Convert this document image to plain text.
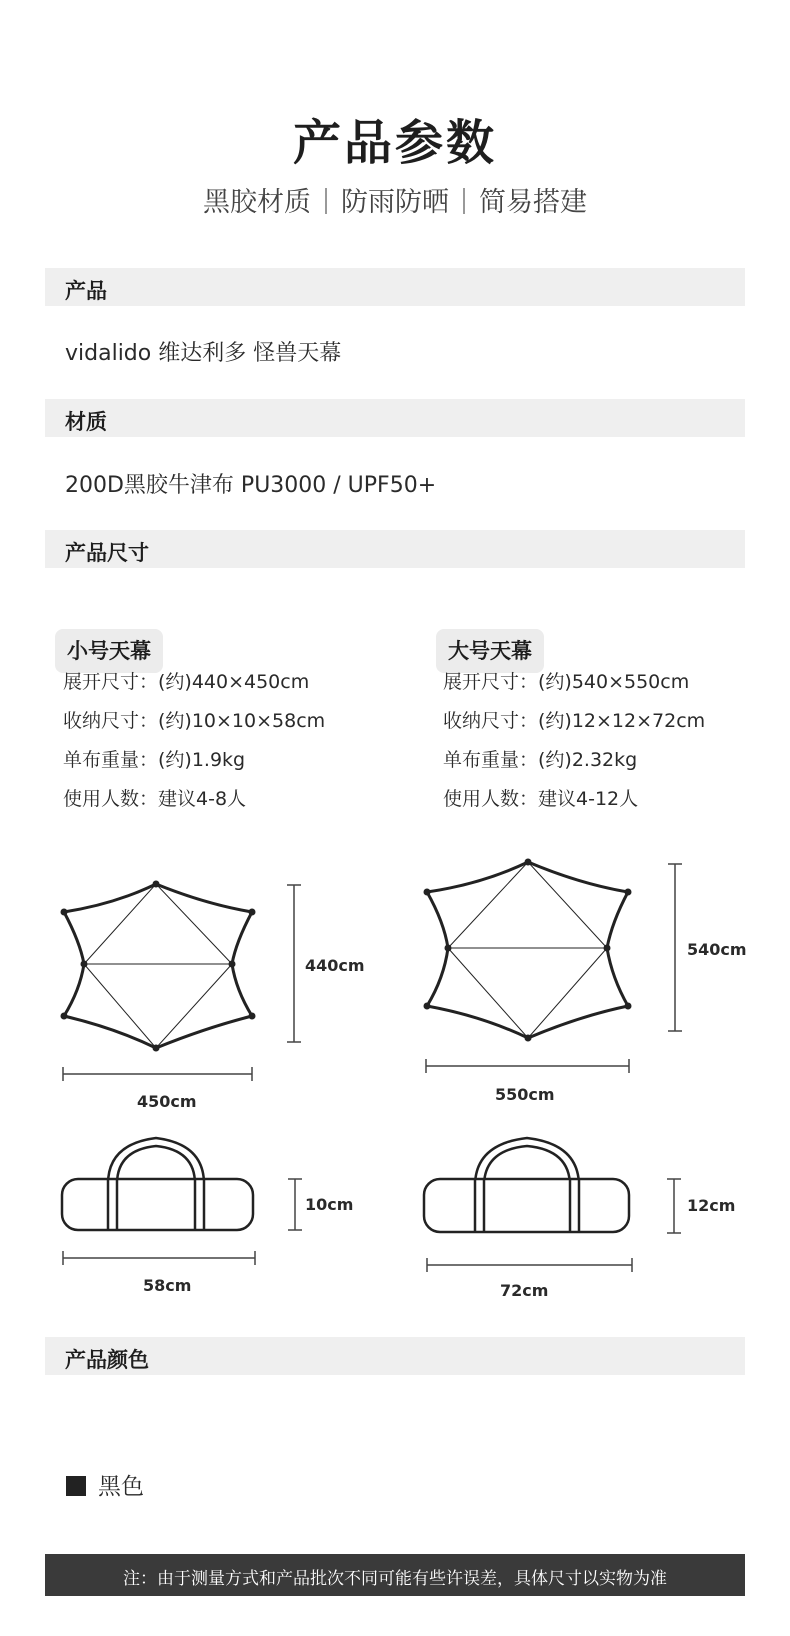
产品参数
黑胶材质 防雨防晒 简易搭建
产品
vidalido 维达利多 怪兽天幕
材质
200D黑胶牛津布 PU3000 / UPF50+
产品尺寸
小号天幕	大号天幕
展开尺寸：(约)440×450cm
收纳尺寸：(约)10×10×58cm
单布重量：(约)1.9kg
使用人数：建议4-8人
展开尺寸：(约)540×550cm
收纳尺寸：(约)12×12×72cm
单布重量：(约)2.32kg
使用人数：建议4-12人
440cm
450cm
540cm
550cm
10cm
58cm
12cm
72cm
产品颜色
黑色
注：由于测量方式和产品批次不同可能有些许误差，具体尺寸以实物为准
